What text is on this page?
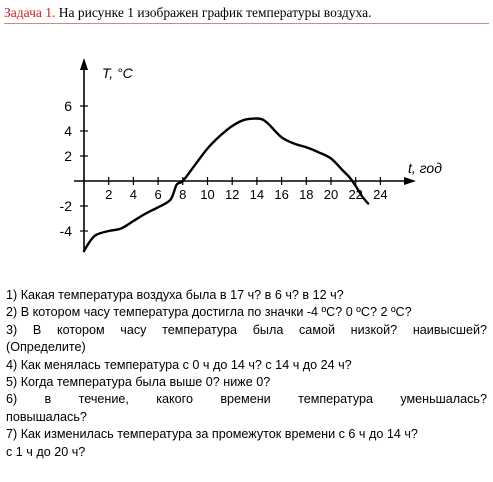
Задача 1. На рисунке 1 изображен график температуры воздуха.
2 4 6 8 10 12 14 16 18 20 22 24
6
4
2
-2
-4
T, °C
t, год

1) Какая температура воздуха была в 17 ч? в 6 ч? в 12 ч?

2) В котором часу температура достигла по значки -4 ºС? 0 ºС? 2 ºС?

3) В котором часу температура была самой низкой? наивысшей?

(Определите)

4) Как менялась температура с 0 ч до 14 ч? с 14 ч до 24 ч?

5) Когда температура была выше 0? ниже 0?

6) в течение, какого времени температура уменьшалась?

повышалась?

7) Как изменилась температура за промежуток времени с 6 ч до 14 ч?

с 1 ч до 20 ч?
